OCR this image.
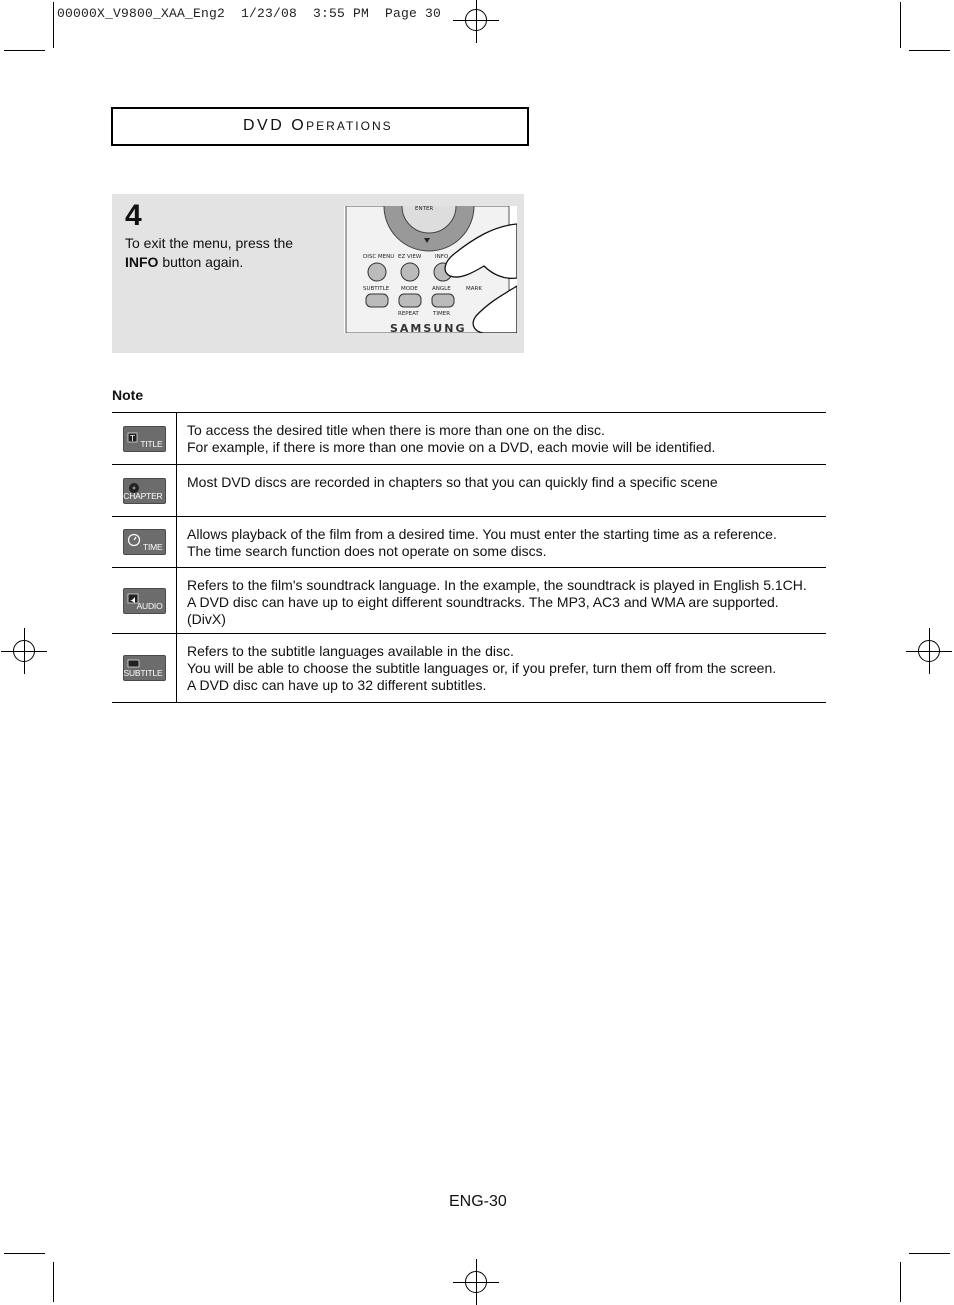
00000X_V9800_XAA_Eng2  1/23/08  3:55 PM  Page 30
DVD OPERATIONS
4
To exit the menu, press the
INFO button again.
ENTER
DISC MENU EZ VIEW INFO
SUBTITLE MODE	ANGLE	MARK
REPEAT	TIMER
SAMSUNG
Note
T
TITLE
To access the desired title when there is more than one on the disc.
For example, if there is more than one movie on a DVD, each movie will be identified.
CHAPTER
Most DVD discs are recorded in chapters so that you can quickly find a specific scene
TIME
Allows playback of the film from a desired time. You must enter the starting time as a reference.
The time search function does not operate on some discs.
AUDIO
Refers to the film's soundtrack language. In the example, the soundtrack is played in English 5.1CH.
A DVD disc can have up to eight different soundtracks. The MP3, AC3 and WMA are supported.
(DivX)
SUBTITLE
Refers to the subtitle languages available in the disc.
You will be able to choose the subtitle languages or, if you prefer, turn them off from the screen.
A DVD disc can have up to 32 different subtitles.
ENG-30
